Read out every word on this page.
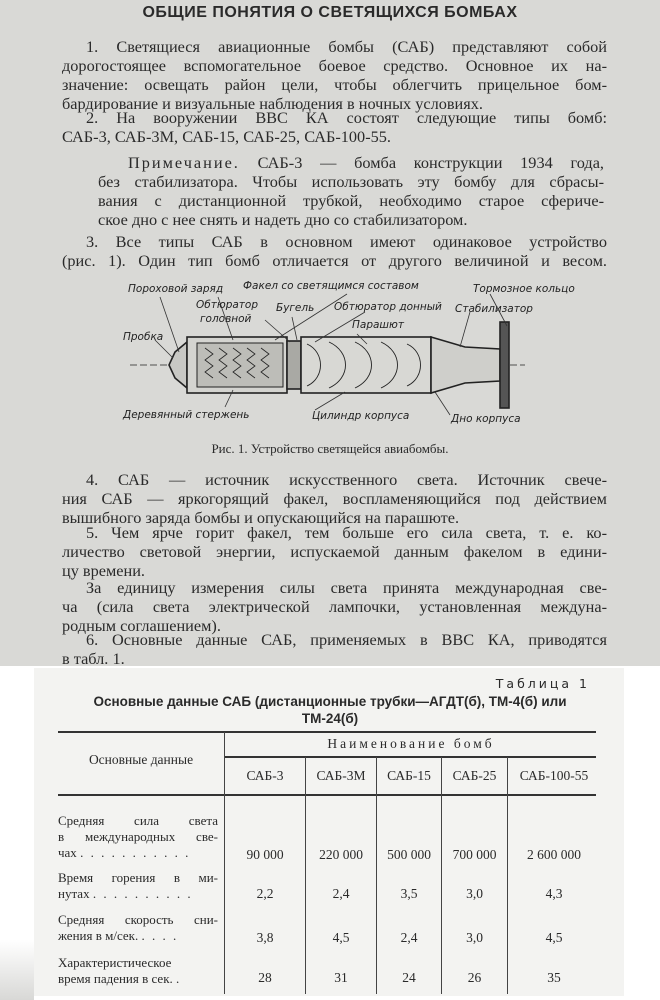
ОБЩИЕ ПОНЯТИЯ О СВЕТЯЩИХСЯ БОМБАХ

1. Светящиеся авиационные бомбы (САБ) представляют собой
дорогостоящее вспомогательное боевое средство. Основное их на-
значение: освещать район цели, чтобы облегчить прицельное бом-
бардирование и визуальные наблюдения в ночных условиях.

2. На вооружении ВВС КА состоят следующие типы бомб:
САБ-3, САБ-3М, САБ-15, САБ-25, САБ-100-55.

Примечание. САБ-3 — бомба конструкции 1934 года,

без стабилизатора. Чтобы использовать эту бомбу для сбрасы-
вания с дистанционной трубкой, необходимо старое сфериче-
ское дно с нее снять и надеть дно со стабилизатором.

3. Все типы САБ в основном имеют одинаковое устройство
(рис. 1). Один тип бомб отличается от другого величиной и весом.

Пороховой заряд Факел со светящимся составом	Тормозное кольцо
Обтюратор
головной
Бугель Обтюратор донный Стабилизатор
Парашют
Пробка
Деревянный стержень	Цилиндр корпуса	Дно корпуса

Рис. 1. Устройство светящейся авиабомбы.

4. САБ — источник искусственного света. Источник свече-
ния САБ — яркогорящий факел, воспламеняющийся под действием
вышибного заряда бомбы и опускающийся на парашюте.

5. Чем ярче горит факел, тем больше его сила света, т. е. ко-
личество световой энергии, испускаемой данным факелом в едини-
цу времени.

За единицу измерения силы света принята международная све-
ча (сила света электрической лампочки, установленная междуна-
родным соглашением).

6. Основные данные САБ, применяемых в ВВС КА, приводятся
в табл. 1.

Таблица 1

Основные данные САБ (дистанционные трубки—АГДТ(б), ТМ-4(б) или
ТМ-24(б)

Основные данные
Наименование бомб
САБ-3	САБ-3М	САБ-15	САБ-25	САБ-100-55
Средняя сила света
в международных све-
чах . . . . . . . . . . .	90 000	220 000	500 000	700 000	2 600 000
Время горения в ми-
нутах . . . . . . . . . .	2,2	2,4	3,5	3,0	4,3
Средняя скорость сни-
жения в м/сек. . . . .	3,8	4,5	2,4	3,0	4,5
Характеристическое
время падения в сек. .	28	31	24	26	35
